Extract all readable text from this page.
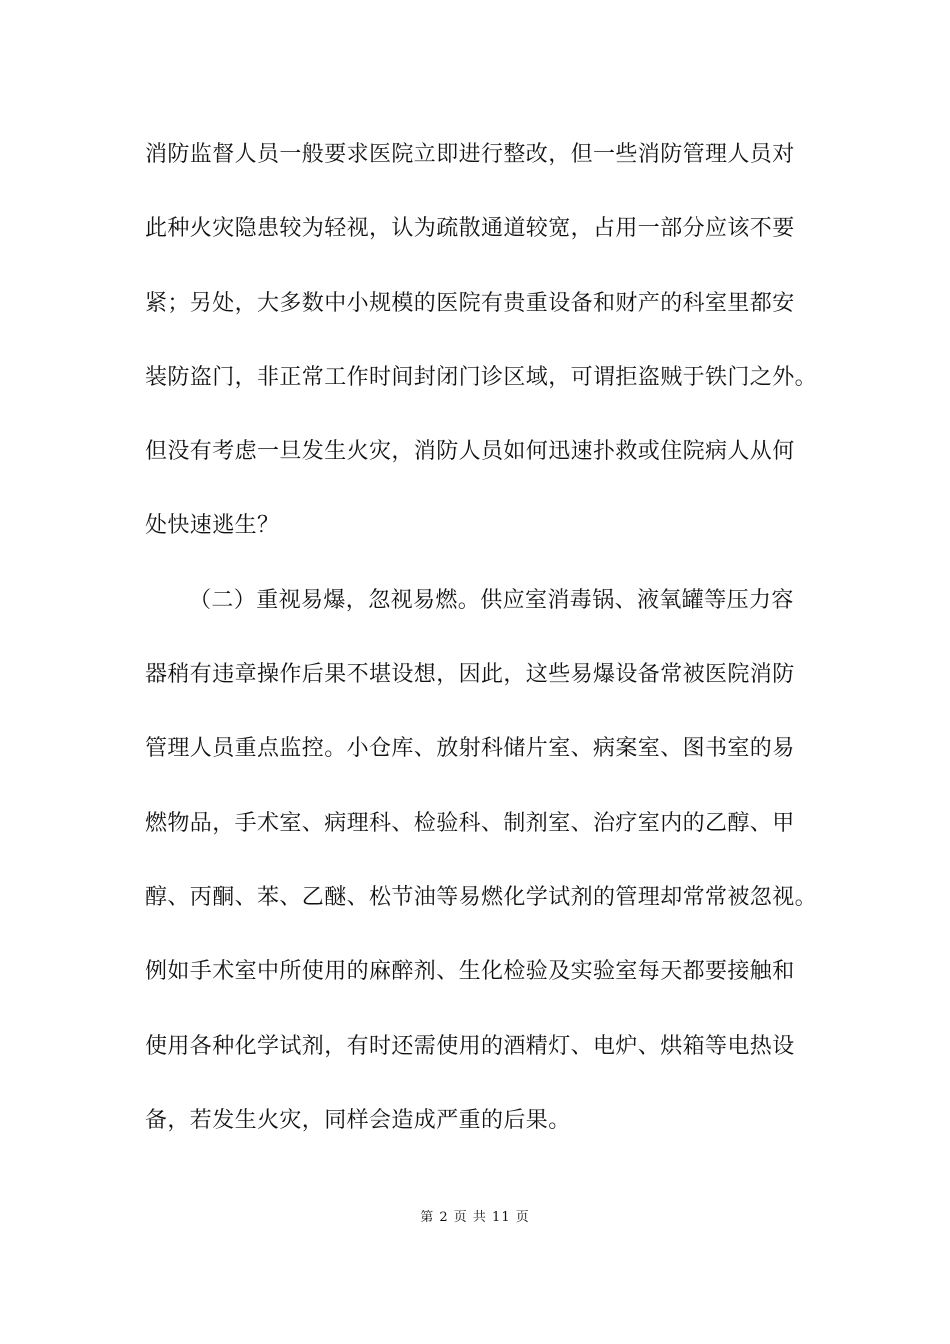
消防监督人员一般要求医院立即进行整改，但一些消防管理人员对
此种火灾隐患较为轻视，认为疏散通道较宽，占用一部分应该不要
紧；另处，大多数中小规模的医院有贵重设备和财产的科室里都安
装防盗门，非正常工作时间封闭门诊区域，可谓拒盗贼于铁门之外。
但没有考虑一旦发生火灾，消防人员如何迅速扑救或住院病人从何
处快速逃生？
（二）重视易爆，忽视易燃。供应室消毒锅、液氧罐等压力容
器稍有违章操作后果不堪设想，因此，这些易爆设备常被医院消防
管理人员重点监控。小仓库、放射科储片室、病案室、图书室的易
燃物品，手术室、病理科、检验科、制剂室、治疗室内的乙醇、甲
醇、丙酮、苯、乙醚、松节油等易燃化学试剂的管理却常常被忽视。
例如手术室中所使用的麻醉剂、生化检验及实验室每天都要接触和
使用各种化学试剂，有时还需使用的酒精灯、电炉、烘箱等电热设
备，若发生火灾，同样会造成严重的后果。
第 2 页 共 11 页
